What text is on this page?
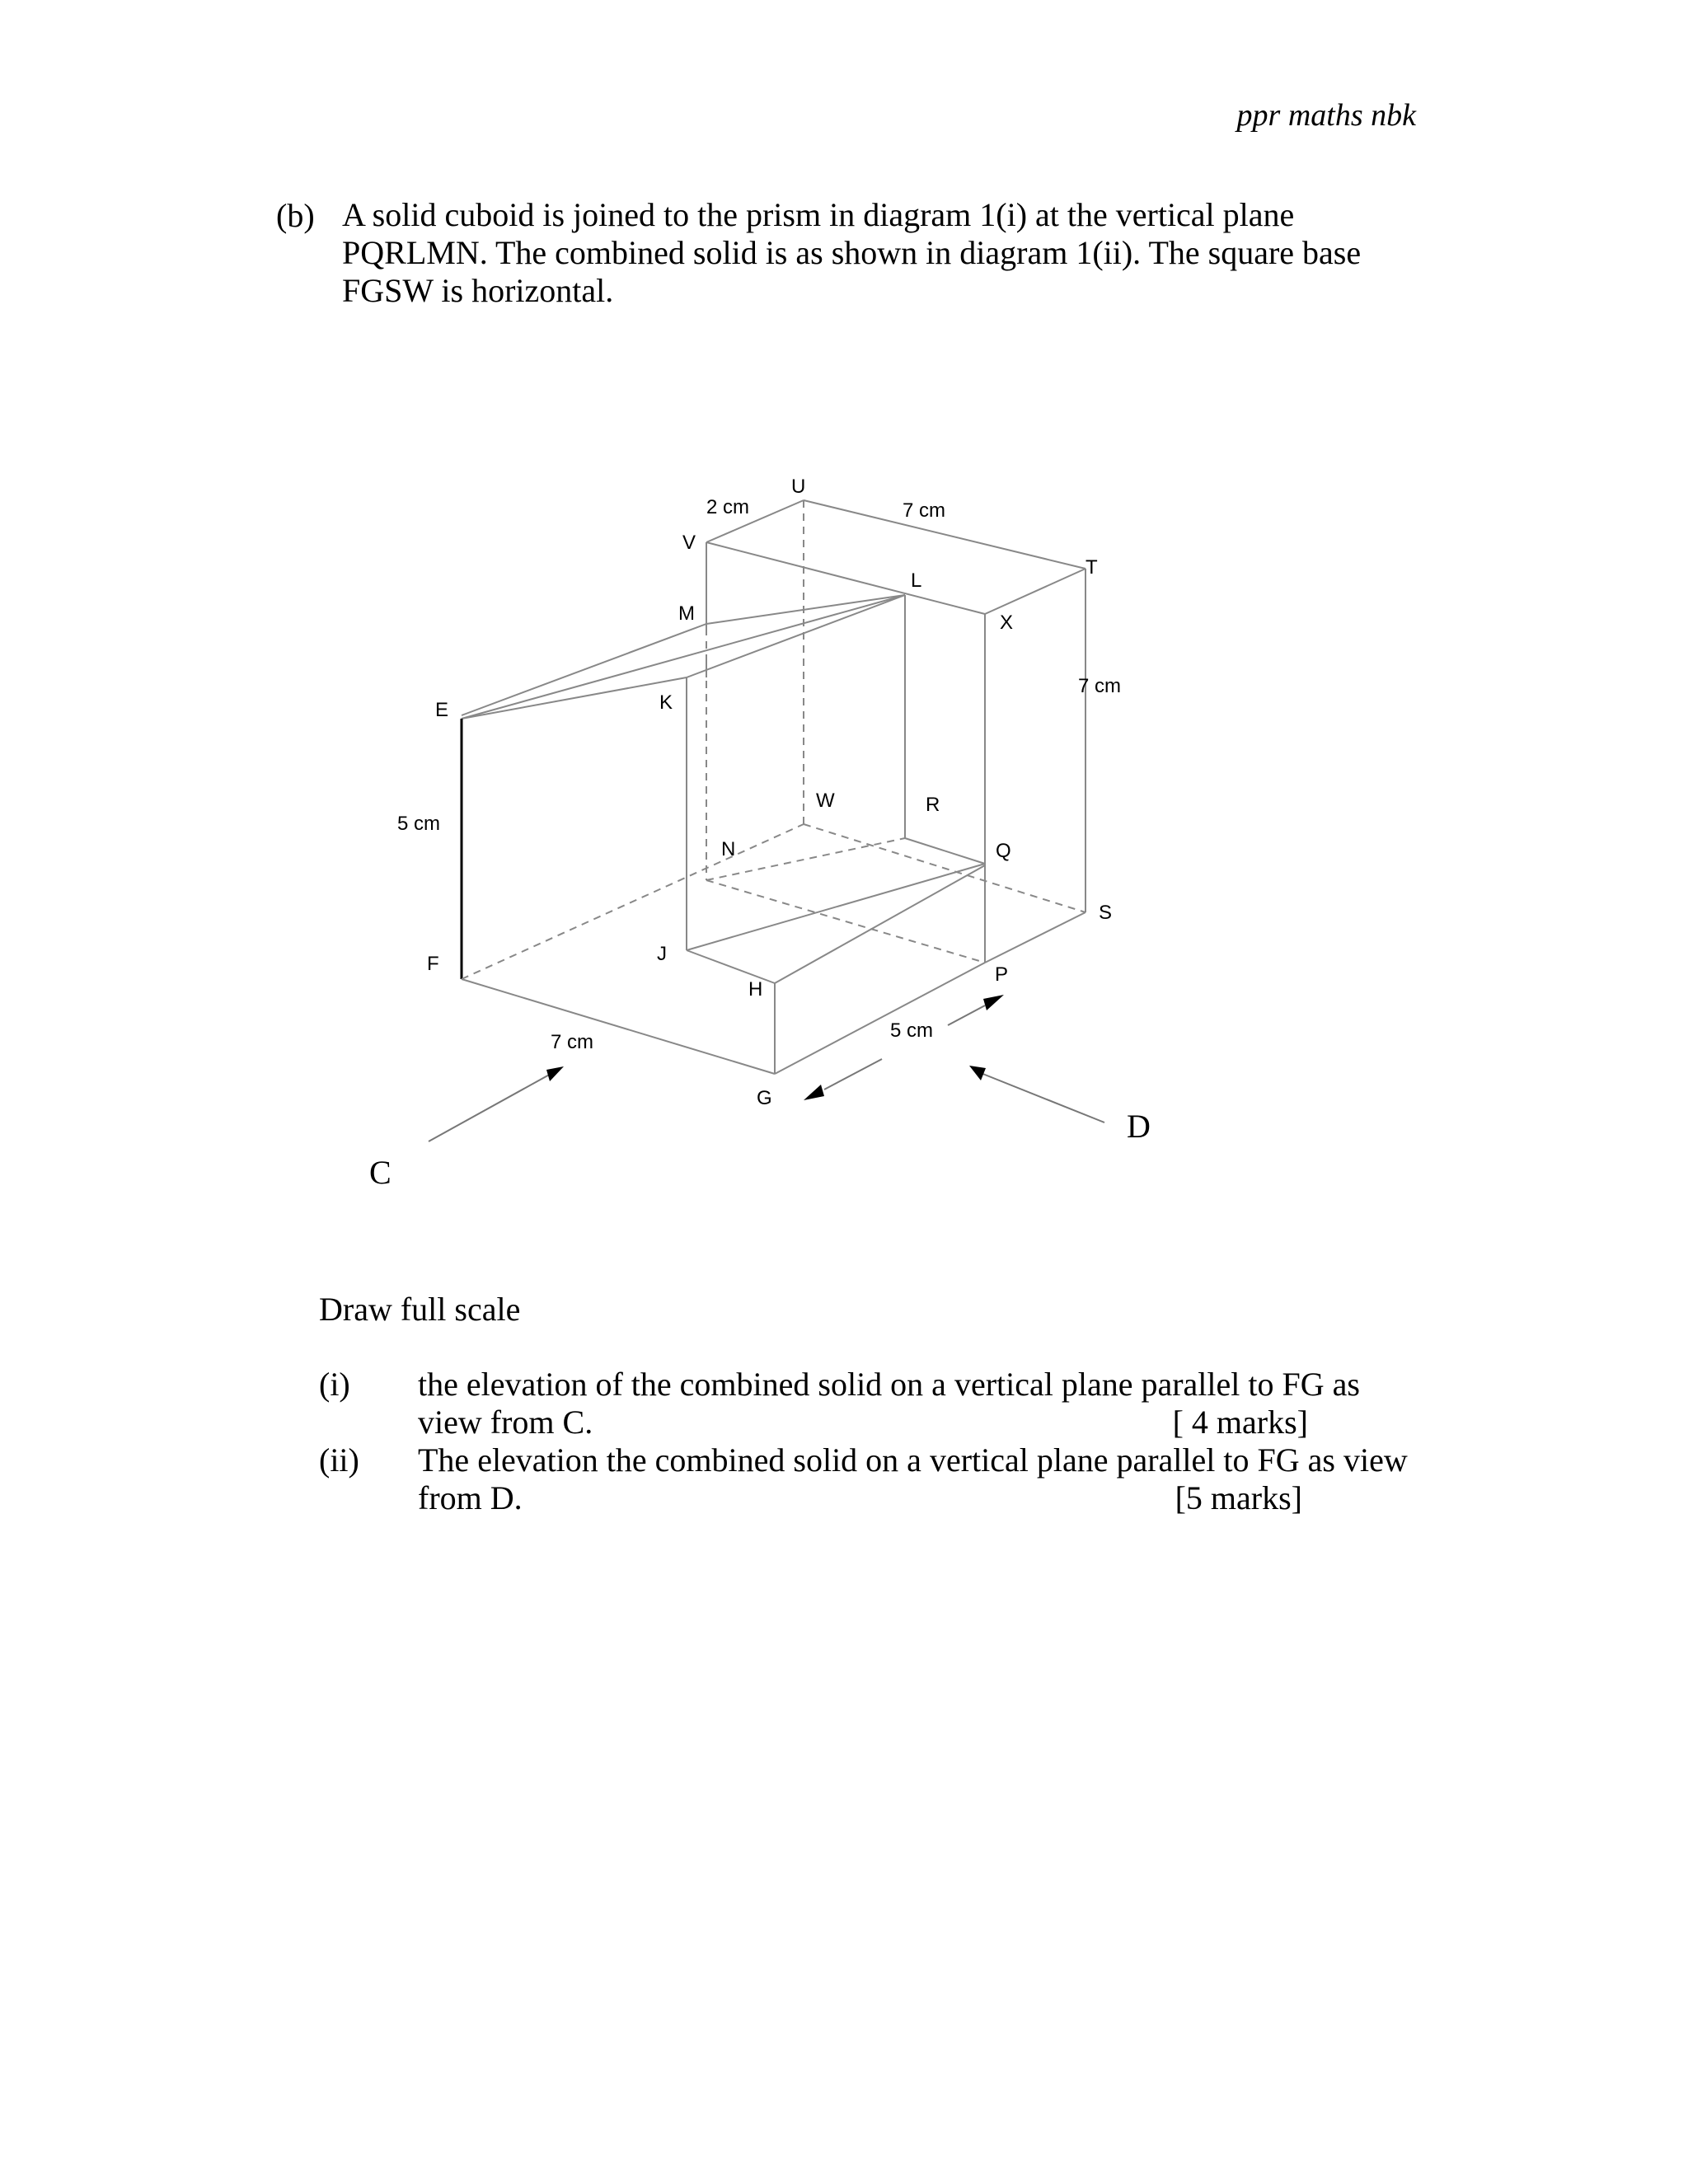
ppr maths nbk
(b) A solid cuboid is joined to the prism in diagram 1(i) at the vertical plane
PQRLMN. The combined solid is as shown in diagram 1(ii). The square base
FGSW is horizontal.
U
V
T
L
X
M
K
E
W	R
N	Q
S
F	J
H
P
G
2 cm	7 cm
7 cm
5 cm
7 cm
5 cm
C
D
Draw full scale
(i) the elevation of the combined solid on a vertical plane parallel to FG as
view from C.	[ 4 marks]
(ii) The elevation the combined solid on a vertical plane parallel to FG as view
from D.	[5 marks]
